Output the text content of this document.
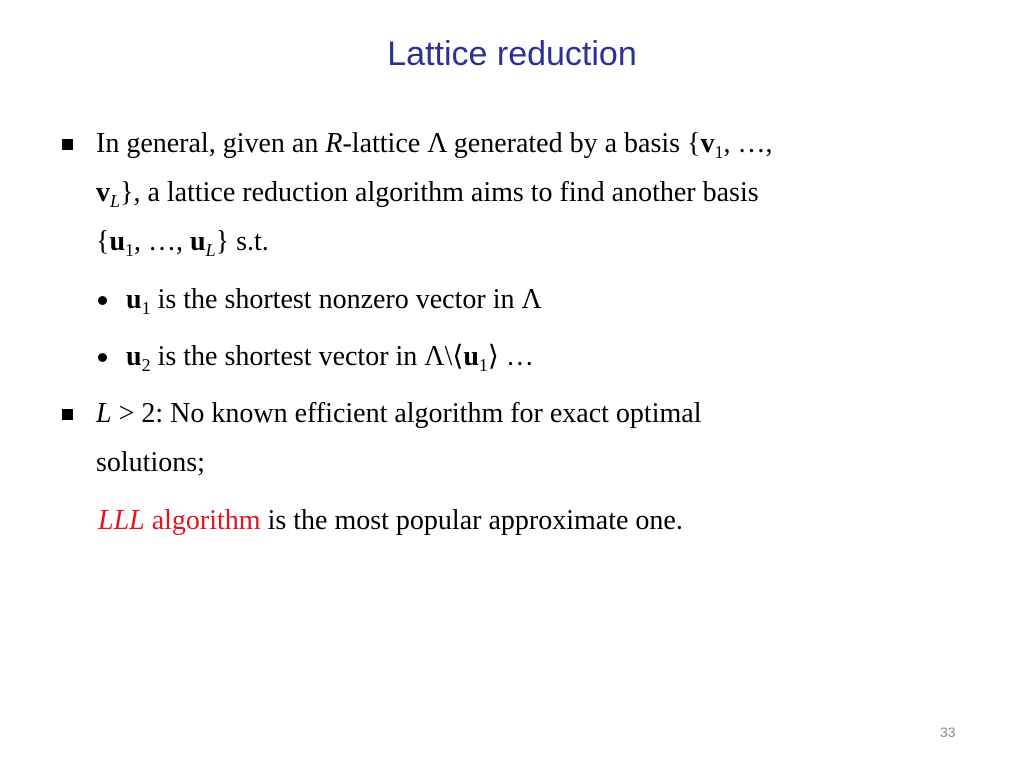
Lattice reduction
In general, given an R-lattice Λ generated by a basis {$v_1$, …,
$v_L$}, a lattice reduction algorithm aims to find another basis
{$u_1$, …, $u_L$} s.t.
$u_1$ is the shortest nonzero vector in Λ
$u_2$ is the shortest vector in $\Lambda\backslash⟨u_1⟩$ …
L > 2: No known efficient algorithm for exact optimal
solutions;
LLL algorithm is the most popular approximate one.
33
